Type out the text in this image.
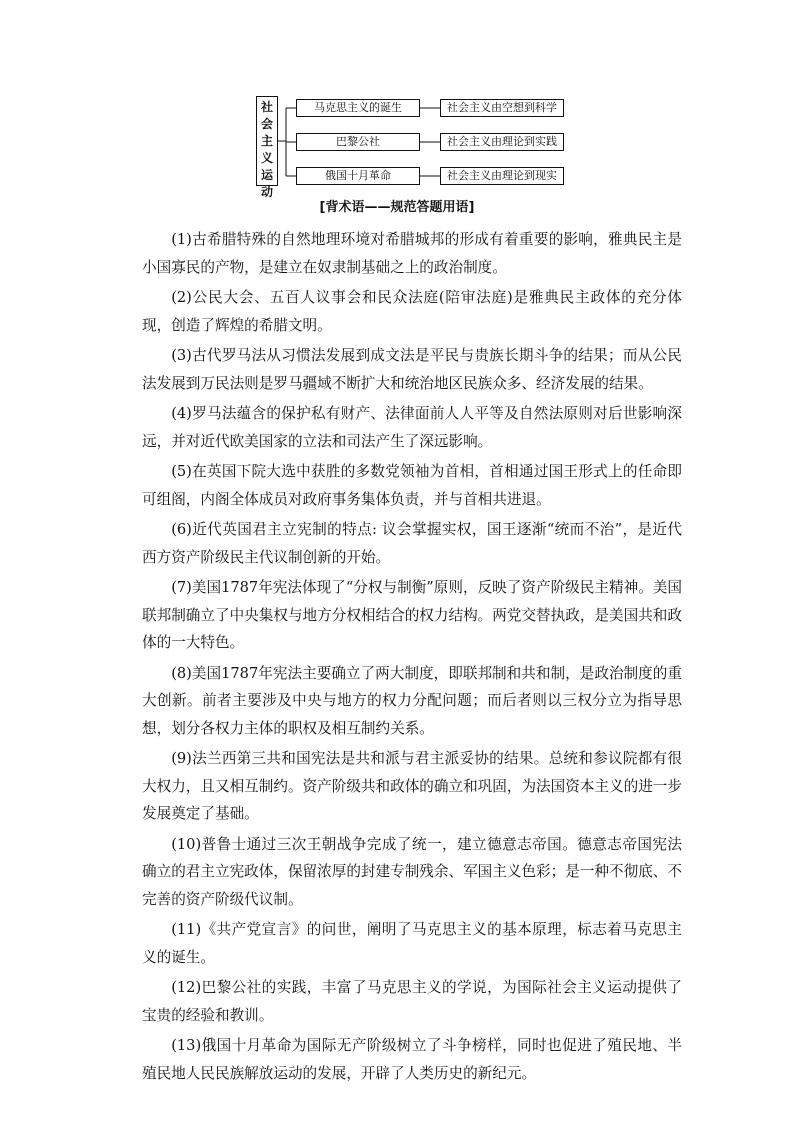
社
会
主
义
运
动
马克思主义的诞生	社会主义由空想到科学
巴黎公社	社会主义由理论到实践
俄国十月革命	社会主义由理论到现实
[背术语——规范答题用语]

(1)古希腊特殊的自然地理环境对希腊城邦的形成有着重要的影响，雅典民主是小国寡民的产物，是建立在奴隶制基础之上的政治制度。

(2)公民大会、五百人议事会和民众法庭(陪审法庭)是雅典民主政体的充分体现，创造了辉煌的希腊文明。

(3)古代罗马法从习惯法发展到成文法是平民与贵族长期斗争的结果；而从公民法发展到万民法则是罗马疆域不断扩大和统治地区民族众多、经济发展的结果。

(4)罗马法蕴含的保护私有财产、法律面前人人平等及自然法原则对后世影响深远，并对近代欧美国家的立法和司法产生了深远影响。

(5)在英国下院大选中获胜的多数党领袖为首相，首相通过国王形式上的任命即可组阁，内阁全体成员对政府事务集体负责，并与首相共进退。

(6)近代英国君主立宪制的特点: 议会掌握实权，国王逐渐“统而不治”，是近代西方资产阶级民主代议制创新的开始。

(7)美国1787年宪法体现了“分权与制衡”原则，反映了资产阶级民主精神。美国联邦制确立了中央集权与地方分权相结合的权力结构。两党交替执政，是美国共和政体的一大特色。

(8)美国1787年宪法主要确立了两大制度，即联邦制和共和制，是政治制度的重大创新。前者主要涉及中央与地方的权力分配问题；而后者则以三权分立为指导思想，划分各权力主体的职权及相互制约关系。

(9)法兰西第三共和国宪法是共和派与君主派妥协的结果。总统和参议院都有很大权力，且又相互制约。资产阶级共和政体的确立和巩固，为法国资本主义的进一步发展奠定了基础。

(10)普鲁士通过三次王朝战争完成了统一，建立德意志帝国。德意志帝国宪法确立的君主立宪政体，保留浓厚的封建专制残余、军国主义色彩；是一种不彻底、不完善的资产阶级代议制。

(11)《共产党宣言》的问世，阐明了马克思主义的基本原理，标志着马克思主义的诞生。

(12)巴黎公社的实践，丰富了马克思主义的学说，为国际社会主义运动提供了宝贵的经验和教训。

(13)俄国十月革命为国际无产阶级树立了斗争榜样，同时也促进了殖民地、半殖民地人民民族解放运动的发展，开辟了人类历史的新纪元。
